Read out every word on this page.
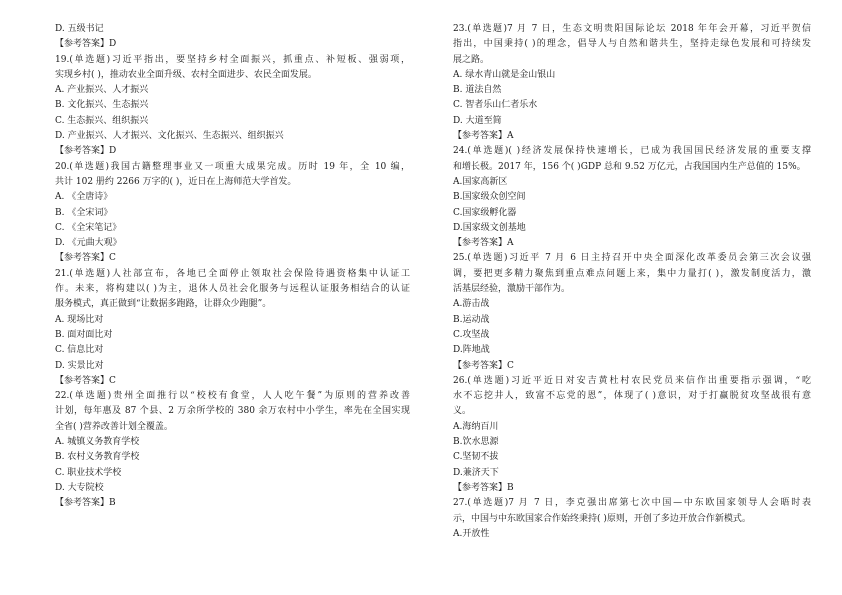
D. 五级书记
【参考答案】D
19.(单选题)习近平指出，要坚持乡村全面振兴，抓重点、补短板、强弱项，
实现乡村( )，推动农业全面升级、农村全面进步、农民全面发展。
A. 产业振兴、人才振兴
B. 文化振兴、生态振兴
C. 生态振兴、组织振兴
D. 产业振兴、人才振兴、文化振兴、生态振兴、组织振兴
【参考答案】D
20.(单选题)我国古籍整理事业又一项重大成果完成。历时 19 年，全 10 编，
共计 102 册约 2266 万字的( )，近日在上海师范大学首发。
A. 《全唐诗》
B. 《全宋词》
C. 《全宋笔记》
D. 《元曲大观》
【参考答案】C
21.(单选题)人社部宣布，各地已全面停止领取社会保险待遇资格集中认证工
作。未来，将构建以( )为主，退休人员社会化服务与远程认证服务相结合的认证
服务模式，真正做到“让数据多跑路，让群众少跑腿”。
A. 现场比对
B. 面对面比对
C. 信息比对
D. 实景比对
【参考答案】C
22.(单选题)贵州全面推行以“校校有食堂，人人吃午餐”为原则的营养改善
计划，每年惠及 87 个县、2 万余所学校的 380 余万农村中小学生，率先在全国实现
全省( )营养改善计划全覆盖。
A. 城镇义务教育学校
B. 农村义务教育学校
C. 职业技术学校
D. 大专院校
【参考答案】B
23.(单选题)7 月 7 日，生态文明贵阳国际论坛 2018 年年会开幕，习近平贺信
指出，中国秉持( )的理念，倡导人与自然和谐共生，坚持走绿色发展和可持续发
展之路。
A. 绿水青山就是金山银山
B. 道法自然
C. 智者乐山仁者乐水
D. 大道至简
【参考答案】A
24.(单选题)( )经济发展保持快速增长，已成为我国国民经济发展的重要支撑
和增长极。2017 年，156 个( )GDP 总和 9.52 万亿元，占我国国内生产总值的 15%。
A.国家高新区
B.国家级众创空间
C.国家级孵化器
D.国家级文创基地
【参考答案】A
25.(单选题)习近平 7 月 6 日主持召开中央全面深化改革委员会第三次会议强
调，要把更多精力聚焦到重点难点问题上来，集中力量打( )，激发制度活力，激
活基层经验，激励干部作为。
A.游击战
B.运动战
C.攻坚战
D.阵地战
【参考答案】C
26.(单选题)习近平近日对安吉黄杜村农民党员来信作出重要指示强调，“吃
水不忘挖井人，致富不忘党的恩”，体现了( )意识，对于打赢脱贫攻坚战很有意
义。
A.海纳百川
B.饮水思源
C.坚韧不拔
D.兼济天下
【参考答案】B
27.(单选题)7 月 7 日，李克强出席第七次中国—中东欧国家领导人会晤时表
示，中国与中东欧国家合作始终秉持( )原则，开创了多边开放合作新模式。
A.开放性
